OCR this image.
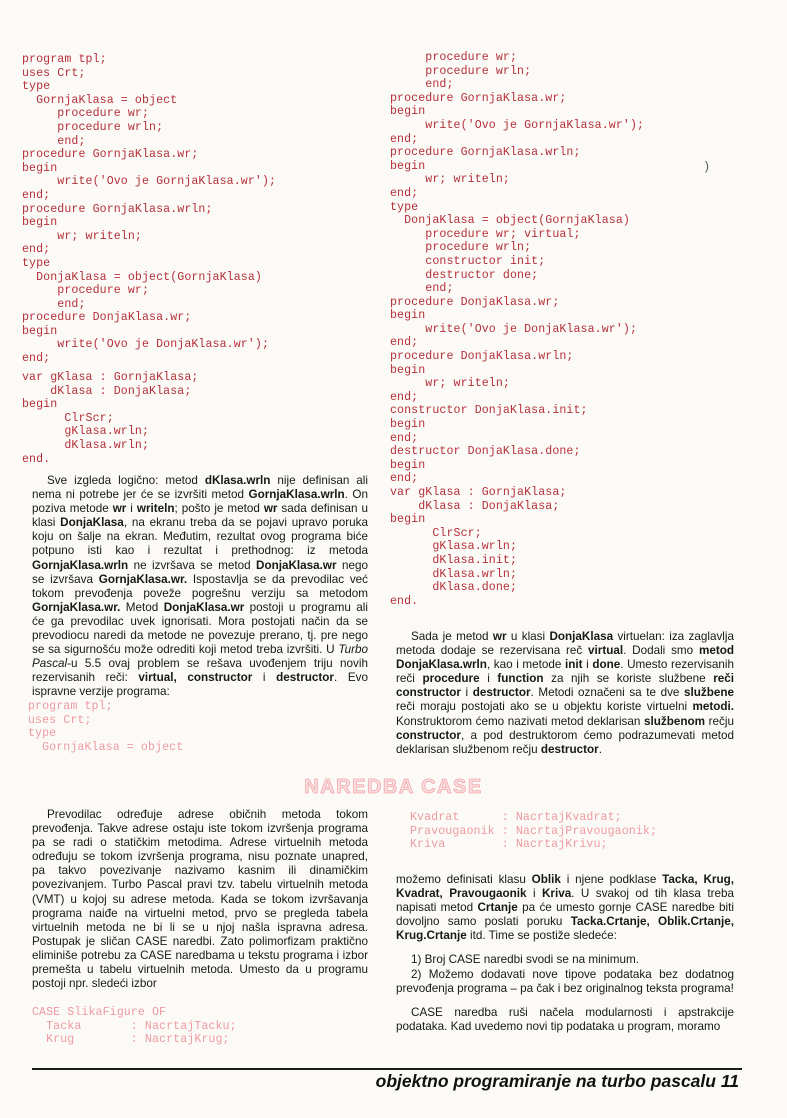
program tpl;
uses Crt;
type
GornjaKlasa = object
procedure wr;
procedure wrln;
end;
procedure GornjaKlasa.wr;
begin
write('Ovo je GornjaKlasa.wr');
end;
procedure GornjaKlasa.wrln;
begin
wr; writeln;
end;
type
DonjaKlasa = object(GornjaKlasa)
procedure wr;
end;
procedure DonjaKlasa.wr;
begin
write('Ovo je DonjaKlasa.wr');
end;
var gKlasa : GornjaKlasa;
dKlasa : DonjaKlasa;
begin
ClrScr;
gKlasa.wrln;
dKlasa.wrln;
end.
procedure wr;
procedure wrln;
end;
procedure GornjaKlasa.wr;
begin
write('Ovo je GornjaKlasa.wr');
end;
procedure GornjaKlasa.wrln;
begin
wr; writeln;
end;
type
DonjaKlasa = object(GornjaKlasa)
procedure wr; virtual;
procedure wrln;
constructor init;
destructor done;
end;
procedure DonjaKlasa.wr;
begin
write('Ovo je DonjaKlasa.wr');
end;
procedure DonjaKlasa.wrln;
begin
wr; writeln;
end;
constructor DonjaKlasa.init;
begin
end;
destructor DonjaKlasa.done;
begin
end;
var gKlasa : GornjaKlasa;
dKlasa : DonjaKlasa;
begin
ClrScr;
gKlasa.wrln;
dKlasa.init;
dKlasa.wrln;
dKlasa.done;
end.

Sve izgleda logično: metod dKlasa.wrln nije definisan ali nema ni potrebe jer će se izvršiti metod GornjaKlasa.wrln. On poziva metode wr i writeln; pošto je metod wr sada definisan u klasi DonjaKlasa, na ekranu treba da se pojavi upravo poruka koju on šalje na ekran. Međutim, rezultat ovog programa biće potpuno isti kao i rezultat i prethodnog: iz metoda GornjaKlasa.wrln ne izvršava se metod DonjaKlasa.wr nego se izvršava GornjaKlasa.wr. Ispostavlja se da prevodilac već tokom prevođenja poveže pogrešnu verziju sa metodom GornjaKlasa.wr. Metod DonjaKlasa.wr postoji u programu ali će ga prevodilac uvek ignorisati. Mora postojati način da se prevodiocu naredi da metode ne povezuje prerano, tj. pre nego se sa sigurnošću može odrediti koji metod treba izvršiti. U Turbo Pascal-u 5.5 ovaj problem se rešava uvođenjem triju novih rezervisanih reči: virtual, constructor i destructor. Evo ispravne verzije programa:

program tpl;
uses Crt;
type
GornjaKlasa = object

Sada je metod wr u klasi DonjaKlasa virtuelan: iza zaglavlja metoda dodaje se rezervisana reč virtual. Dodali smo metod DonjaKlasa.wrln, kao i metode init i done. Umesto rezervisanih reči procedure i function za njih se koriste službene reči constructor i destructor. Metodi označeni sa te dve službene reči moraju postojati ako se u objektu koriste virtuelni metodi. Konstruktorom ćemo nazivati metod deklarisan službenom rečju constructor, a pod destruktorom ćemo podrazumevati metod deklarisan službenom rečju destructor.

NAREDBA CASE

Prevodilac određuje adrese običnih metoda tokom prevođenja. Takve adrese ostaju iste tokom izvršenja programa pa se radi o statičkim metodima. Adrese virtuelnih metoda određuju se tokom izvršenja programa, nisu poznate unapred, pa takvo povezivanje nazivamo kasnim ili dinamičkim povezivanjem. Turbo Pascal pravi tzv. tabelu virtuelnih metoda (VMT) u kojoj su adrese metoda. Kada se tokom izvršavanja programa naiđe na virtuelni metod, prvo se pregleda tabela virtuelnih metoda ne bi li se u njoj našla ispravna adresa. Postupak je sličan CASE naredbi. Zato polimorfizam praktično eliminiše potrebu za CASE naredbama u tekstu programa i izbor premešta u tabelu virtuelnih metoda. Umesto da u programu postoji npr. sledeći izbor

CASE SlikaFigure OF
Tacka       : NacrtajTacku;
Krug        : NacrtajKrug;
Kvadrat      : NacrtajKvadrat;
Pravougaonik : NacrtajPravougaonik;
Kriva        : NacrtajKrivu;

možemo definisati klasu Oblik i njene podklase Tacka, Krug, Kvadrat, Pravougaonik i Kriva. U svakoj od tih klasa treba napisati metod Crtanje pa će umesto gornje CASE naredbe biti dovoljno samo poslati poruku Tacka.Crtanje, Oblik.Crtanje, Krug.Crtanje itd. Time se postiže sledeće:

1) Broj CASE naredbi svodi se na minimum.

2) Možemo dodavati nove tipove podataka bez dodatnog prevođenja programa – pa čak i bez originalnog teksta programa!

CASE naredba ruši načela modularnosti i apstrakcije podataka. Kad uvedemo novi tip podataka u program, moramo

)
objektno programiranje na turbo pascalu 11
